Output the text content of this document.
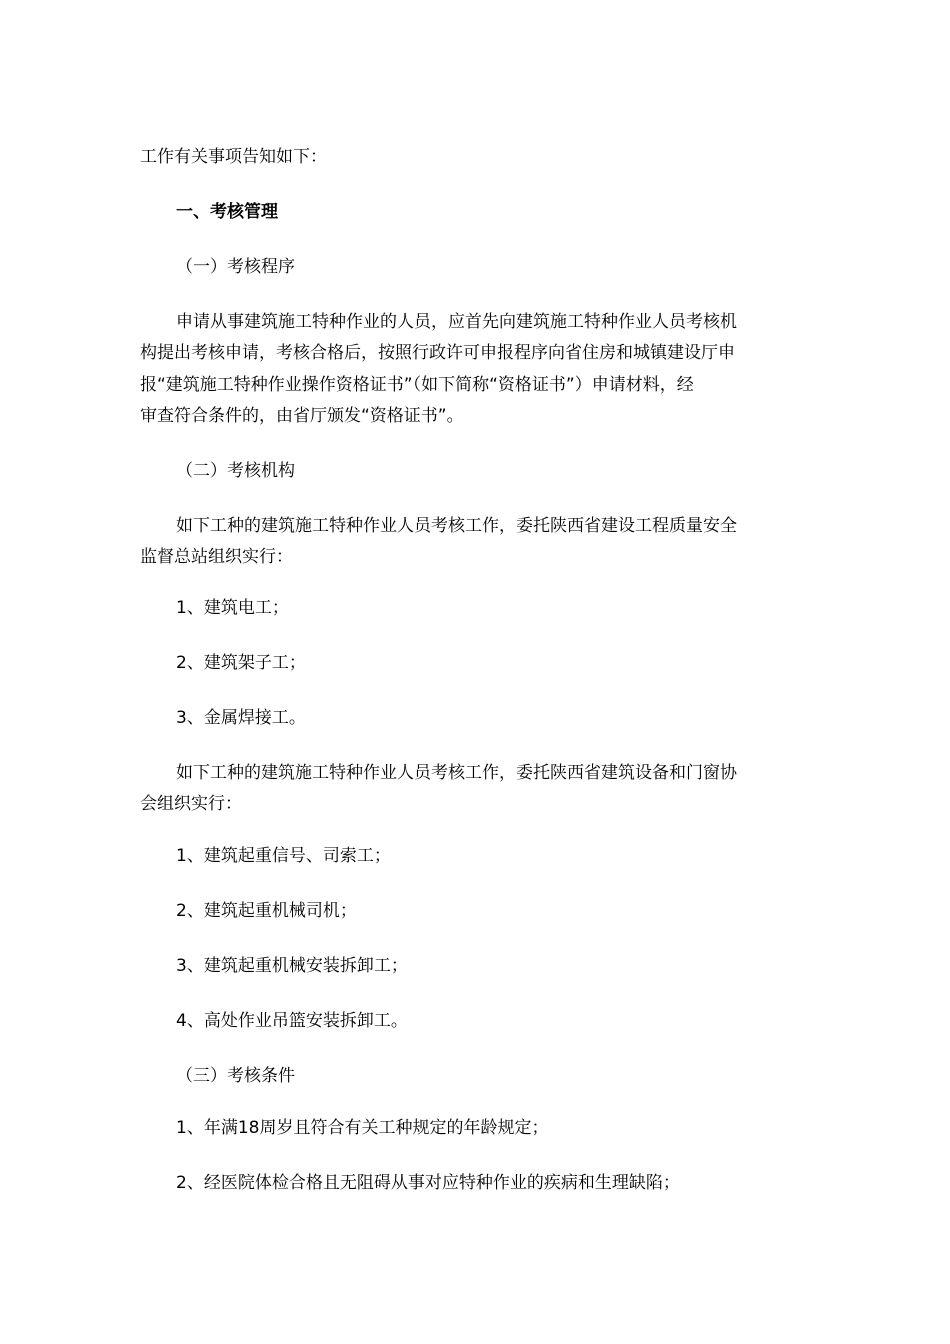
工作有关事项告知如下：
一、考核管理
（一）考核程序
申请从事建筑施工特种作业的人员，应首先向建筑施工特种作业人员考核机
构提出考核申请，考核合格后，按照行政许可申报程序向省住房和城镇建设厅申
报“建筑施工特种作业操作资格证书”（如下简称“资格证书”）申请材料，经
审查符合条件的，由省厅颁发“资格证书”。
（二）考核机构
如下工种的建筑施工特种作业人员考核工作，委托陕西省建设工程质量安全
监督总站组织实行：
1、建筑电工；
2、建筑架子工；
3、金属焊接工。
如下工种的建筑施工特种作业人员考核工作，委托陕西省建筑设备和门窗协
会组织实行：
1、建筑起重信号、司索工；
2、建筑起重机械司机；
3、建筑起重机械安装拆卸工；
4、高处作业吊篮安装拆卸工。
（三）考核条件
1、年满18周岁且符合有关工种规定的年龄规定；
2、经医院体检合格且无阻碍从事对应特种作业的疾病和生理缺陷；
